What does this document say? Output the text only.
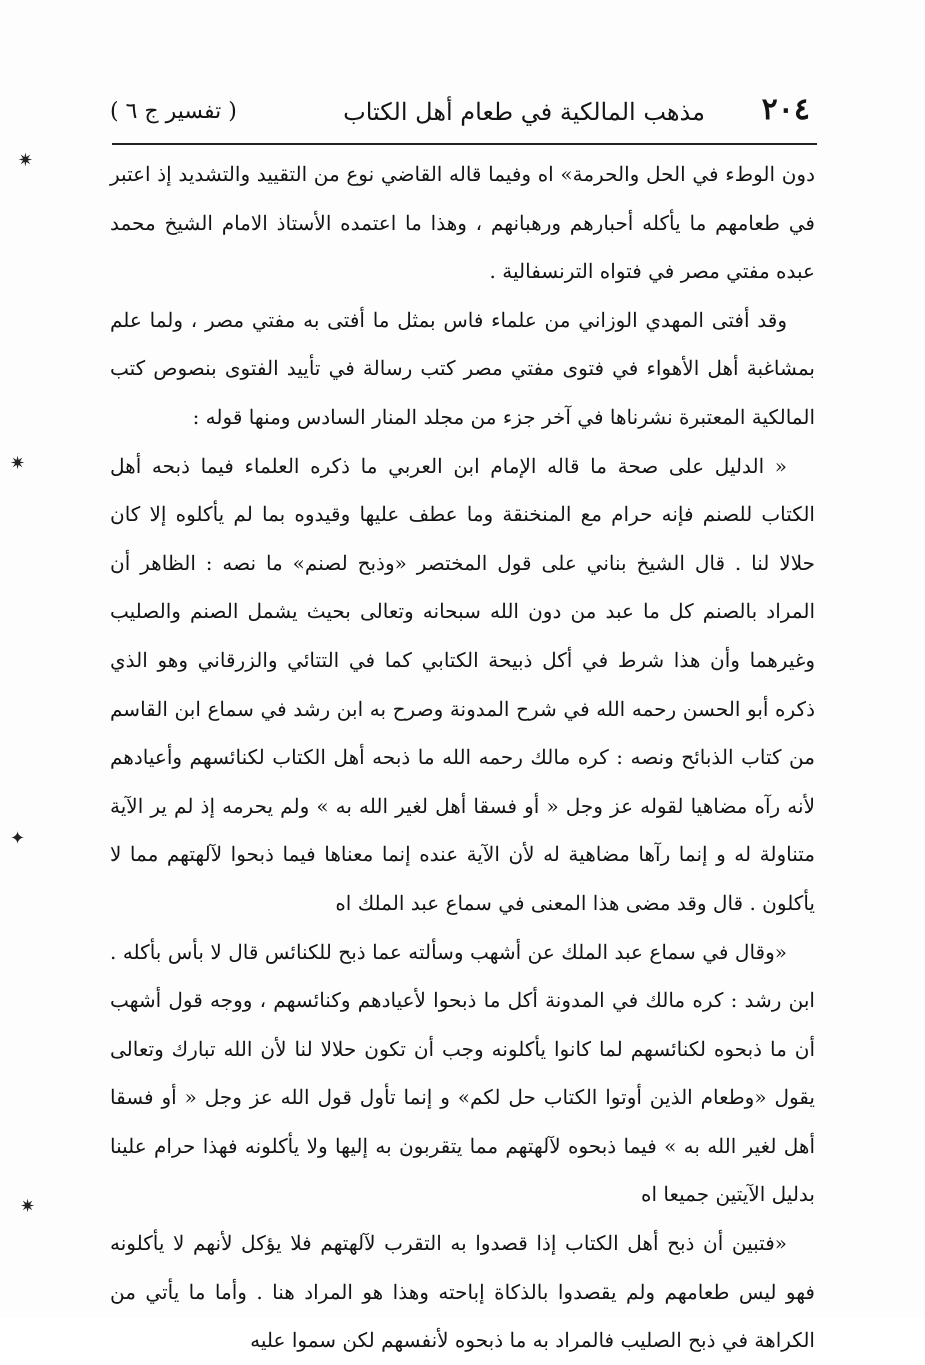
٢٠٤
مذهب المالكية في طعام أهل الكتاب
( تفسير ج ٦ )
✷
✷
✦
✷

دون الوطء في الحل والحرمة» اه وفيما قاله القاضي نوع من التقييد والتشديد إذ اعتبر في طعامهم ما يأكله أحبارهم ورهبانهم ، وهذا ما اعتمده الأستاذ الامام الشيخ محمد عبده مفتي مصر في فتواه الترنسفالية .

وقد أفتى المهدي الوزاني من علماء فاس بمثل ما أفتى به مفتي مصر ، ولما علم بمشاغبة أهل الأهواء في فتوى مفتي مصر كتب رسالة في تأييد الفتوى بنصوص كتب المالكية المعتبرة نشرناها في آخر جزء من مجلد المنار السادس ومنها قوله :

« الدليل على صحة ما قاله الإمام ابن العربي ما ذكره العلماء فيما ذبحه أهل الكتاب للصنم فإنه حرام مع المنخنقة وما عطف عليها وقيدوه بما لم يأكلوه إلا كان حلالا لنا . قال الشيخ بناني على قول المختصر «وذبح لصنم» ما نصه : الظاهر أن المراد بالصنم كل ما عبد من دون الله سبحانه وتعالى بحيث يشمل الصنم والصليب وغيرهما وأن هذا شرط في أكل ذبيحة الكتابي كما في التتائي والزرقاني وهو الذي ذكره أبو الحسن رحمه الله في شرح المدونة وصرح به ابن رشد في سماع ابن القاسم من كتاب الذبائح ونصه : كره مالك رحمه الله ما ذبحه أهل الكتاب لكنائسهم وأعيادهم لأنه رآه مضاهيا لقوله عز وجل « أو فسقا أهل لغير الله به » ولم يحرمه إذ لم ير الآية متناولة له و إنما رآها مضاهية له لأن الآية عنده إنما معناها فيما ذبحوا لآلهتهم مما لا يأكلون . قال وقد مضى هذا المعنى في سماع عبد الملك اه

«وقال في سماع عبد الملك عن أشهب وسألته عما ذبح للكنائس قال لا بأس بأكله . ابن رشد : كره مالك في المدونة أكل ما ذبحوا لأعيادهم وكنائسهم ، ووجه قول أشهب أن ما ذبحوه لكنائسهم لما كانوا يأكلونه وجب أن تكون حلالا لنا لأن الله تبارك وتعالى يقول «وطعام الذين أوتوا الكتاب حل لكم» و إنما تأول قول الله عز وجل « أو فسقا أهل لغير الله به » فيما ذبحوه لآلهتهم مما يتقربون به إليها ولا يأكلونه فهذا حرام علينا بدليل الآيتين جميعا اه

«فتبين أن ذبح أهل الكتاب إذا قصدوا به التقرب لآلهتهم فلا يؤكل لأنهم لا يأكلونه فهو ليس طعامهم ولم يقصدوا بالذكاة إباحته وهذا هو المراد هنا . وأما ما يأتي من الكراهة في ذبح الصليب فالمراد به ما ذبحوه لأنفسهم لكن سموا عليه
